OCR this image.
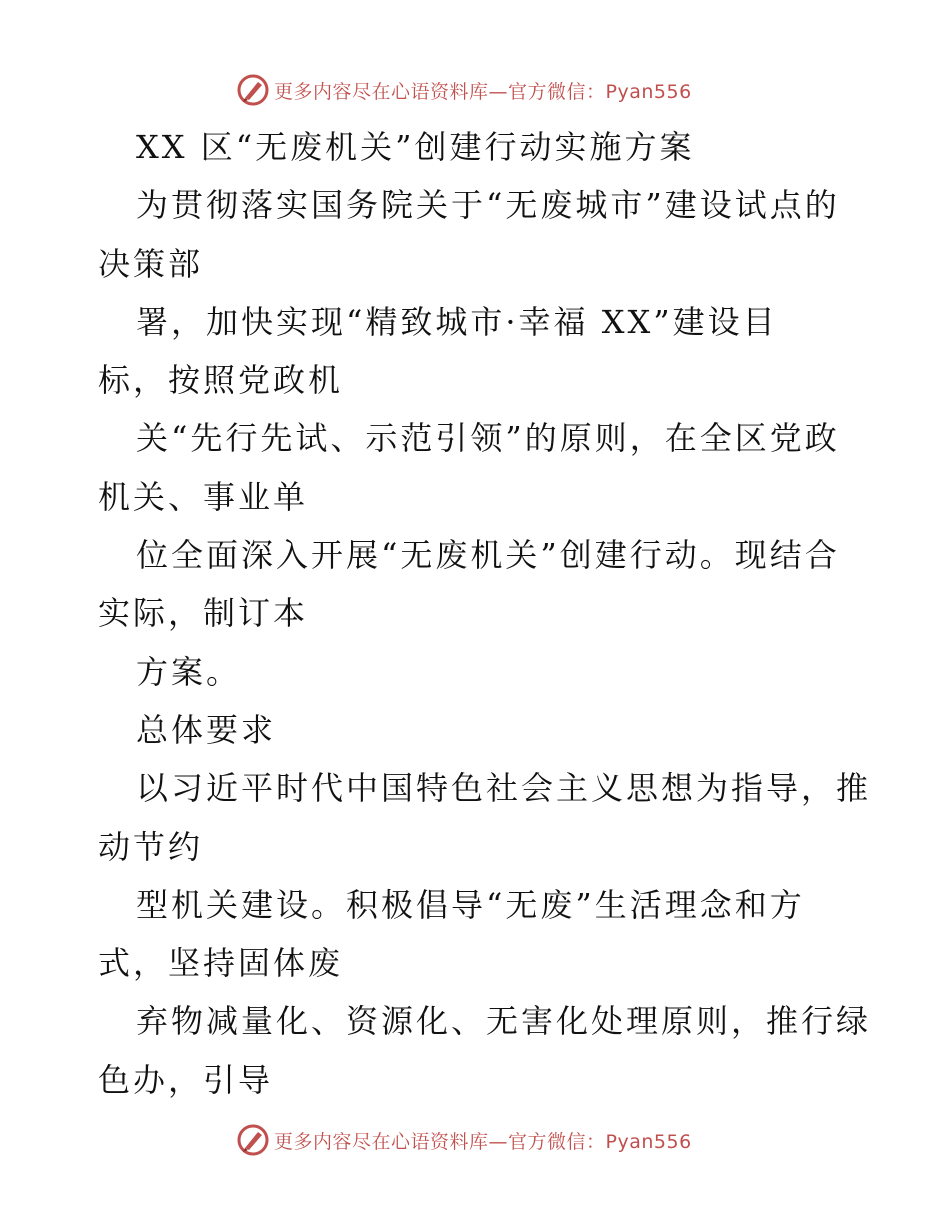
更多内容尽在心语资料库—官方微信：Pyan556
XX 区“无废机关”创建行动实施方案
为贯彻落实国务院关于“无废城市”建设试点的
决策部
署，加快实现“精致城市·幸福 XX”建设目
标，按照党政机
关“先行先试、示范引领”的原则，在全区党政
机关、事业单
位全面深入开展“无废机关”创建行动。现结合
实际，制订本
方案。
总体要求
以习近平时代中国特色社会主义思想为指导，推
动节约
型机关建设。积极倡导“无废”生活理念和方
式，坚持固体废
弃物减量化、资源化、无害化处理原则，推行绿
色办，引导
更多内容尽在心语资料库—官方微信：Pyan556
